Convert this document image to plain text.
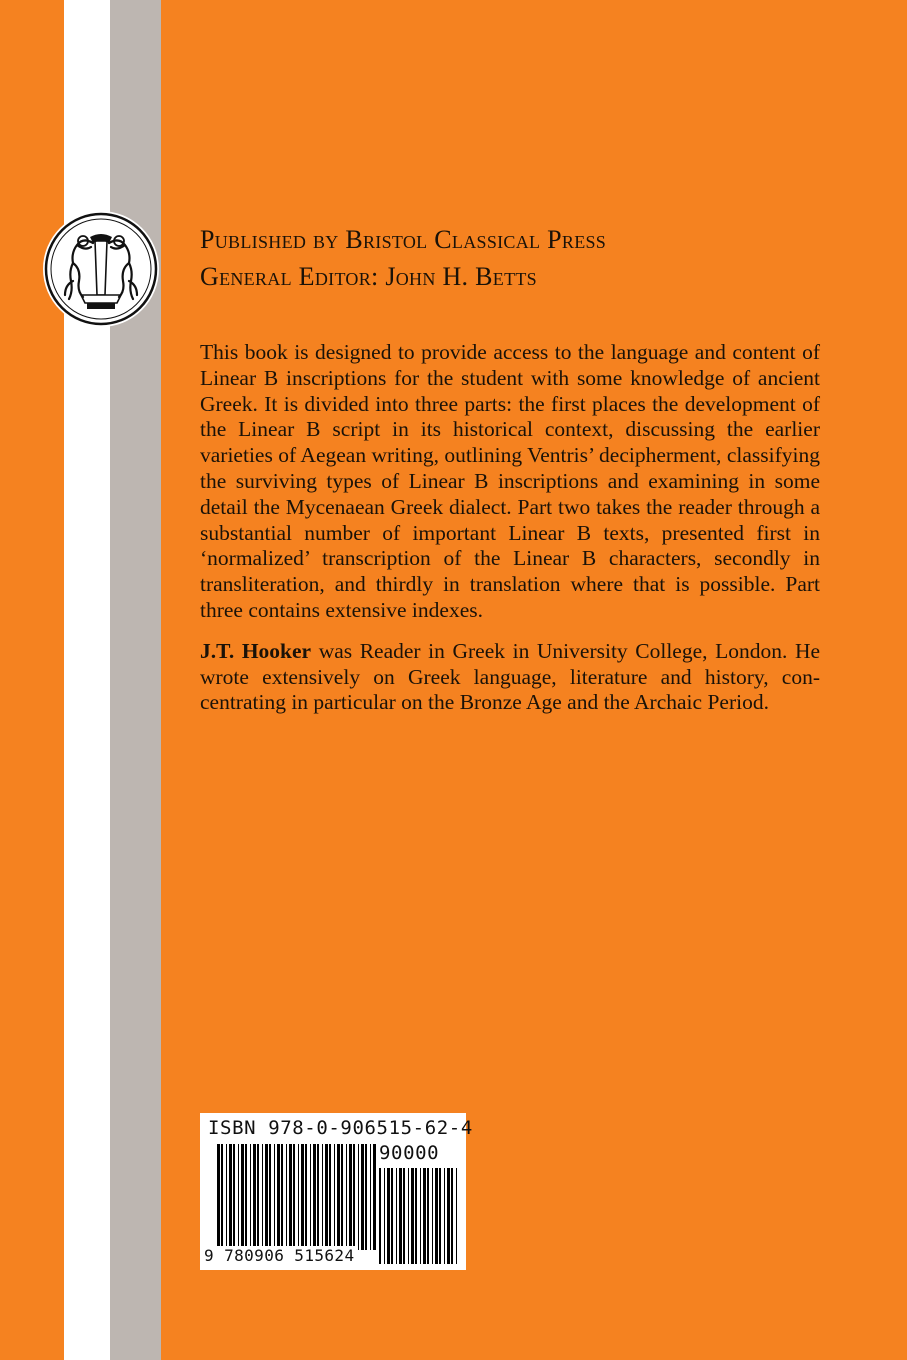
Published by Bristol Classical Press
General Editor: John H. Betts

This book is designed to provide access to the language and content of Linear B inscriptions for the student with some knowledge of ancient Greek. It is divided into three parts: the first places the development of the Linear B script in its historical context, discussing the earlier varieties of Aegean writing, outlining Ventris’ decipherment, classifying the surviving types of Linear B inscriptions and examining in some detail the Mycenaean Greek dialect. Part two takes the reader through a substantial number of important Linear B texts, presented first in ‘normalized’ transcription of the Linear B characters, secondly in transliteration, and thirdly in translation where that is possible. Part three contains extensive indexes.

J.T. Hooker was Reader in Greek in University College, London. He wrote extensively on Greek language, literature and history, concentrating in particular on the Bronze Age and the Archaic Period.

ISBN 978-0-906515-62-4
90000
9 780906 515624
